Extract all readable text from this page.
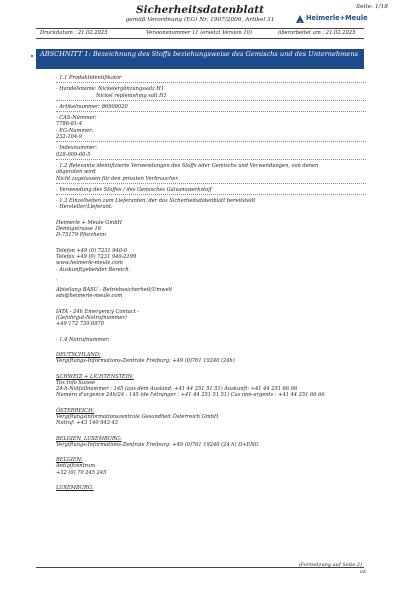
Sicherheitsdatenblatt	Seite: 1/18
gemäß Verordnung (EG) Nr. 1907/2006, Artikel 31	Heimerle+Meule
Druckdatum : 21.02.2025	Versionsnummer 11 (ersetzt Version 10)	überarbeitet am : 21.02.2025
ABSCHNITT 1: Bezeichnung des Stoffs beziehungsweise des Gemischs und des Unternehmens
· 1.1 Produktidentifikator
· Handelsname: Nickelergänzungssalz H1
Nickel replenishing salt H1
· Artikelnummer: 86900020
· CAS-Nummer:
7786-81-4
· EG-Nummer:
232-104-9
· Indexnummer:
028-009-00-5
· 1.2 Relevante identifizierte Verwendungen des Stoffs oder Gemischs und Verwendungen, von denen
abgeraten wird
Nicht zugelassen für den privaten Verbraucher.
· Verwendung des Stoffes / des Gemisches Galvanowerkstoff
· 1.3 Einzelheiten zum Lieferanten, der das Sicherheitsdatenblatt bereitstellt
· Hersteller/Lieferant:
Heimerle + Meule GmbH
Dennigstrasse 16
D-75179 Pforzheim
Telefon +49 (0) 7231 940-0
Telefax +49 (0) 7231 940-2199
www.heimerle-meule.com
· Auskunftgebender Bereich:
·
Abteilung BASU - Betriebssicherheit/Umwelt
sds@heimerle-meule.com
IATA - 24h Emergency Contact -
(Gefahrgut-Notrufnummer)
+49 172 739 6970
· 1.4 Notrufnummer:
DEUTSCHLAND:
Vergiftungs-Informations-Zentrale Freiburg: +49 (0)761 19240 (24h)
SCHWEIZ + LICHTENSTEIN:
Tox Info Suisse
24-h-Notfallnummer : 145 (aus dem Ausland: +41 44 251 51 51) Auskunft: +41 44 251 66 66
Numéro d'urgence 24h/24 : 145 (de l'étranger : +41 44 251 51 51) Cas non-urgents : +41 44 251 66 66
ÖSTERREICH:
Vergiftungsinformationszentrale Gesundheit Österreich GmbH
Notruf: +43 140 643 43
BELGIEN, LUXEMBURG:
Vergiftungs-Informations-Zentrale Freiburg: +49 (0)761 19240 (24 h) D+ENG
BELGIEN:
Antigifcentrum
+32 (0) 70 245 245
LUXEMBURG:
(Fortsetzung auf Seite 2)
DE
